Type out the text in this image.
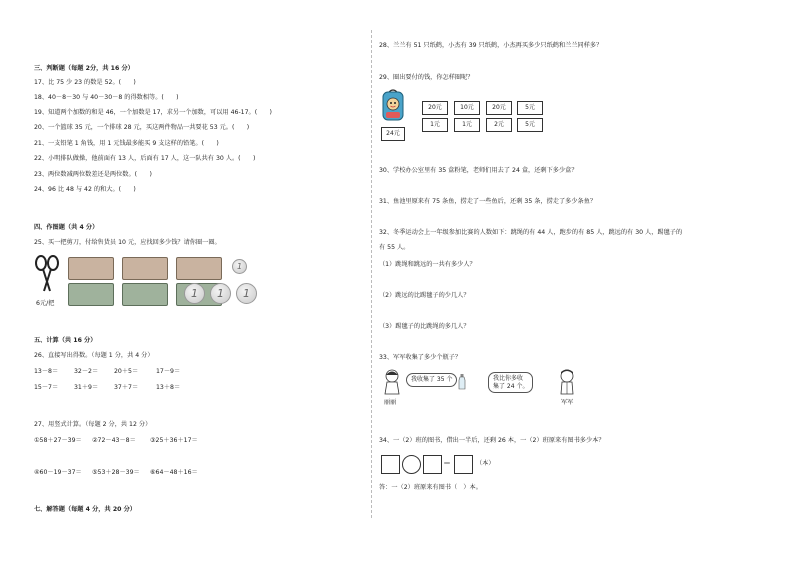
三、判断题（每题 2分，共 16 分）
17、比 75 少 23 的数是 52。(　　)
18、40－8－30 与 40－30－8 的得数相等。(　　)
19、知道两个加数的和是 46，一个加数是 17，求另一个加数，可以用 46-17。(　　)
20、一个篮球 35 元，一个排球 28 元，买这两件物品一共要花 53 元。(　　)
21、一支铅笔 1 角钱，用 1 元钱最多能买 9 支这样的铅笔。(　　)
22、小明排队做操，他前面有 13 人，后面有 17 人，这一队共有 30 人。(　　)
23、两位数减两位数差还是两位数。(　　)
24、96 比 48 与 42 的和大。(　　)
四、作图题（共 4 分）
25、买一把剪刀，付给售货员 10 元，应找回多少钱？请你圈一圈。
6元/把
1
1	1	1
五、计算（共 16 分）
26、直接写出得数。（每题 1 分，共 4 分）
13－8＝	32－2＝	20＋5＝	17－9＝
15－7＝	31＋9＝	37＋7＝	13＋8＝
27、用竖式计算。（每题 2 分，共 12 分）
①58＋27－39＝ ②72－43－8＝ ③25＋36＋17＝
④60－19－37＝ ⑤53＋28－39＝ ⑥64－48＋16＝
七、解答题（每题 4 分，共 20 分）
28、兰兰有 51 只纸鹤，小杰有 39 只纸鹤，小杰再买多少只纸鹤和兰兰同样多？
29、圈出要付的钱，你怎样圈呢？
24元
20元	10元	20元	5元
1元	1元	2元	5元
30、学校办公室里有 35 盒粉笔，老师们用去了 24 盒，还剩下多少盒？
31、鱼池里原来有 75 条鱼，捞走了一些鱼后，还剩 35 条，捞走了多少条鱼？
32、冬季运动会上一年级参加比赛的人数如下：跳绳的有 44 人，跑步的有 85 人，跳远的有 30 人，踢毽子的
有 55 人。
（1）跳绳和跳远的一共有多少人？
（2）跳远的比踢毽子的少几人？
（3）踢毽子的比跳绳的多几人？
33、军军收集了多少个瓶子？
丽丽
我收集了 35 个	我比你多收
集了 24 个。
军军
34、一（2）班的图书，借出一半后，还剩 26 本，一（2）班原来有图书多少本？
＝	（本）
答：一（2）班原来有图书（　）本。
